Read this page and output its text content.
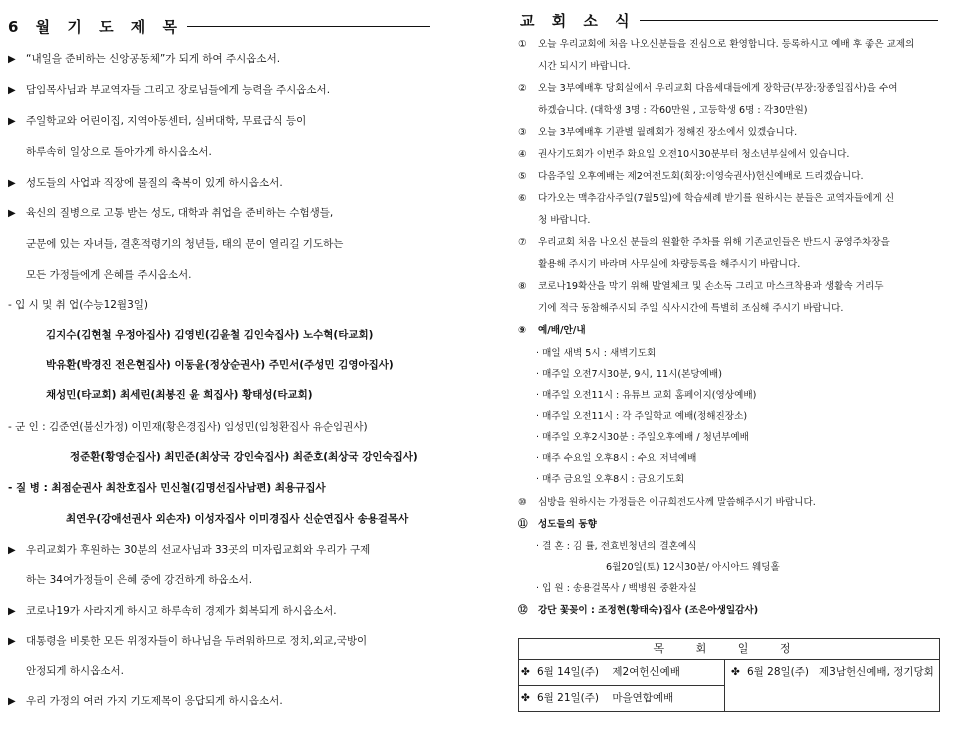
6 월 기 도 제 목
▶ “내일을 준비하는 신앙공동체”가 되게 하여 주시옵소서.
▶ 담임목사님과 부교역자들 그리고 장로님들에게 능력을 주시옵소서.
▶ 주일학교와 어린이집, 지역아동센터, 실버대학, 무료급식 등이
하루속히 일상으로 돌아가게 하시옵소서.
▶ 성도들의 사업과 직장에 물질의 축복이 있게 하시옵소서.
▶ 육신의 질병으로 고통 받는 성도, 대학과 취업을 준비하는 수험생들,
군문에 있는 자녀들, 결혼적령기의 청년들, 태의 문이 열리길 기도하는
모든 가정들에게 은혜를 주시옵소서.
- 입 시 및 취 업(수능12월3일)
김지수(김현철 우정아집사) 김영빈(김윤철 김인숙집사) 노수혁(타교회)
박유환(박경진 전은현집사) 이동윤(정상순권사) 주민서(주성민 김영아집사)
채성민(타교회) 최세린(최봉진 윤 희집사) 황태성(타교회)
- 군 인 : 김준연(불신가정) 이민재(황은경집사) 임성민(임청환집사 유순임권사)
정준환(황영순집사) 최민준(최상국 강인숙집사) 최준호(최상국 강인숙집사)
- 질 병 : 최점순권사 최찬호집사 민신철(김명선집사남편) 최용규집사
최연우(강애선권사 외손자) 이성자집사 이미경집사 신순연집사 송용걸목사
▶ 우리교회가 후원하는 30분의 선교사님과 33곳의 미자립교회와 우리가 구제
하는 34여가정들이 은혜 중에 강건하게 하옵소서.
▶ 코로나19가 사라지게 하시고 하루속히 경제가 회복되게 하시옵소서.
▶ 대통령을 비롯한 모든 위정자들이 하나님을 두려워하므로 정치,외교,국방이
안정되게 하시옵소서.
▶ 우리 가정의 여러 가지 기도제목이 응답되게 하시옵소서.
교 회 소 식
① 오늘 우리교회에 처음 나오신분들을 진심으로 환영합니다. 등록하시고 예배 후 좋은 교제의
시간 되시기 바랍니다.
② 오늘 3부예배후 당회실에서 우리교회 다음세대들에게 장학금(부장:장종일집사)을 수여
하겠습니다. (대학생 3명 : 각60만원 , 고등학생 6명 : 각30만원)
③ 오늘 3부예배후 기관별 월례회가 정해진 장소에서 있겠습니다.
④ 권사기도회가 이번주 화요일 오전10시30분부터 청소년부실에서 있습니다.
⑤ 다음주일 오후예배는 제2여전도회(회장:이영숙권사)헌신예배로 드리겠습니다.
⑥ 다가오는 맥추감사주일(7월5일)에 학습세례 받기를 원하시는 분들은 교역자들에게 신
청 바랍니다.
⑦ 우리교회 처음 나오신 분들의 원활한 주차를 위해 기존교인들은 반드시 공영주차장을
활용해 주시기 바라며 사무실에 차량등록을 해주시기 바랍니다.
⑧ 코로나19확산을 막기 위해 발열체크 및 손소독 그리고 마스크착용과 생활속 거리두
기에 적극 동참해주시되 주일 식사시간에 특별히 조심해 주시기 바랍니다.
⑨ 예/배/안/내
· 매일 새벽 5시 : 새벽기도회
· 매주일 오전7시30분, 9시, 11시(본당예배)
· 매주일 오전11시 : 유튜브 교회 홈페이지(영상예배)
· 매주일 오전11시 : 각 주일학교 예배(정해진장소)
· 매주일 오후2시30분 : 주일오후예배 / 청년부예배
· 매주 수요일 오후8시 : 수요 저녁예배
· 매주 금요일 오후8시 : 금요기도회
⑩ 심방을 원하시는 가정들은 이규희전도사께 말씀해주시기 바랍니다.
⑪ 성도들의 동향
· 결 혼 : 김 률, 전효빈청년의 결혼예식
6월20일(토) 12시30분/ 아시아드 웨딩홀
· 입 원 : 송용걸목사 / 백병원 중환자실
⑫ 강단 꽃꽂이 : 조정현(황태숙)집사 (조은아생일감사)
목 회 일 정
✤ 6월 14일(주) 제2여헌신예배
✤ 6월 21일(주) 마을연합예배
✤ 6월 28일(주) 제3남헌신예배, 정기당회
